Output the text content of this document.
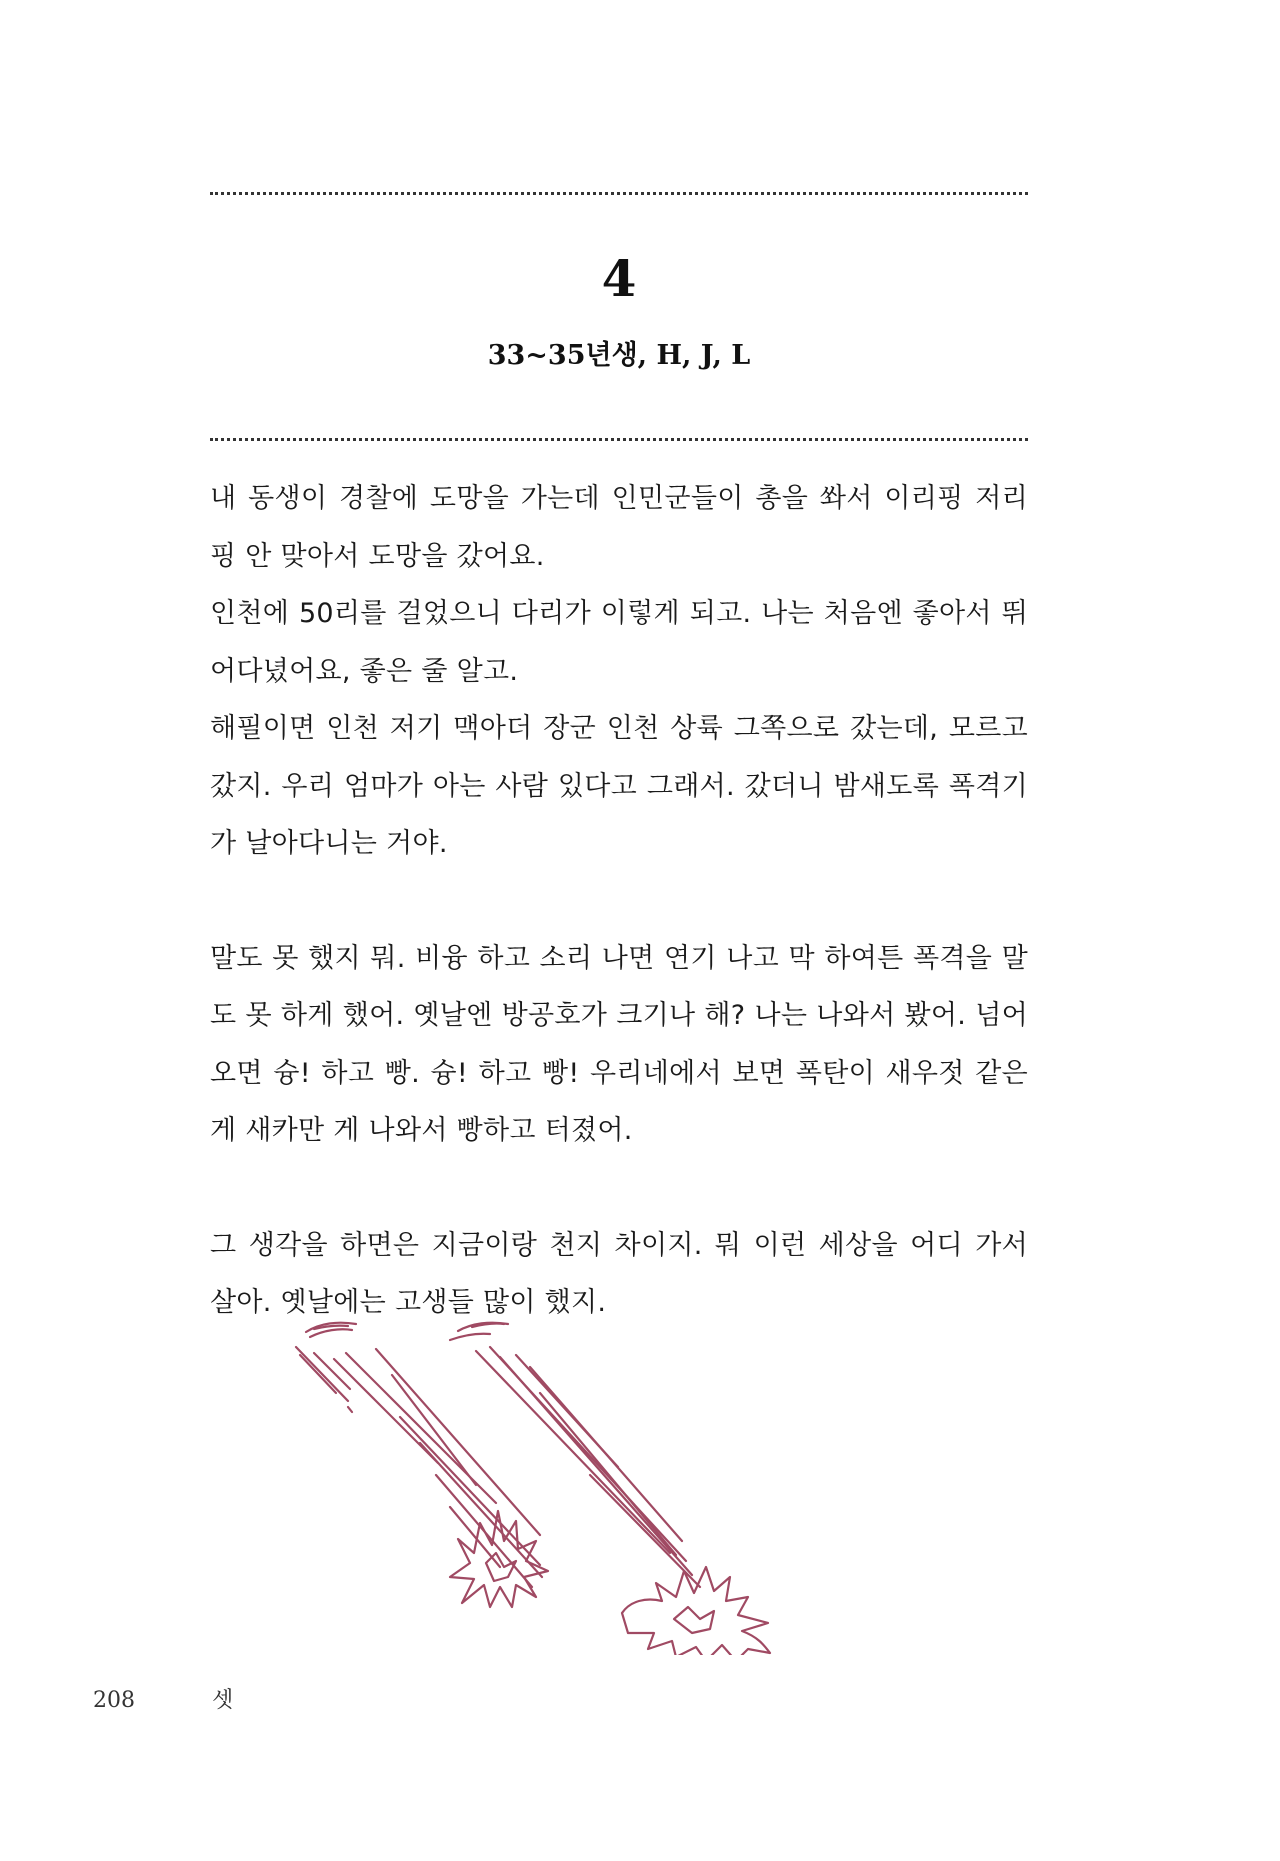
4
33~35년생, H, J, L

내 동생이 경찰에 도망을 가는데 인민군들이 총을 쏴서 이리핑 저리핑 안 맞아서 도망을 갔어요.

인천에 50리를 걸었으니 다리가 이렇게 되고. 나는 처음엔 좋아서 뛰어다녔어요, 좋은 줄 알고.

해필이면 인천 저기 맥아더 장군 인천 상륙 그쪽으로 갔는데, 모르고 갔지. 우리 엄마가 아는 사람 있다고 그래서. 갔더니 밤새도록 폭격기가 날아다니는 거야.

말도 못 했지 뭐. 비융 하고 소리 나면 연기 나고 막 하여튼 폭격을 말도 못 하게 했어. 옛날엔 방공호가 크기나 해? 나는 나와서 봤어. 넘어오면 슝! 하고 빵. 슝! 하고 빵! 우리네에서 보면 폭탄이 새우젓 같은 게 새카만 게 나와서 빵하고 터졌어.

그 생각을 하면은 지금이랑 천지 차이지. 뭐 이런 세상을 어디 가서 살아. 옛날에는 고생들 많이 했지.

208	셋
